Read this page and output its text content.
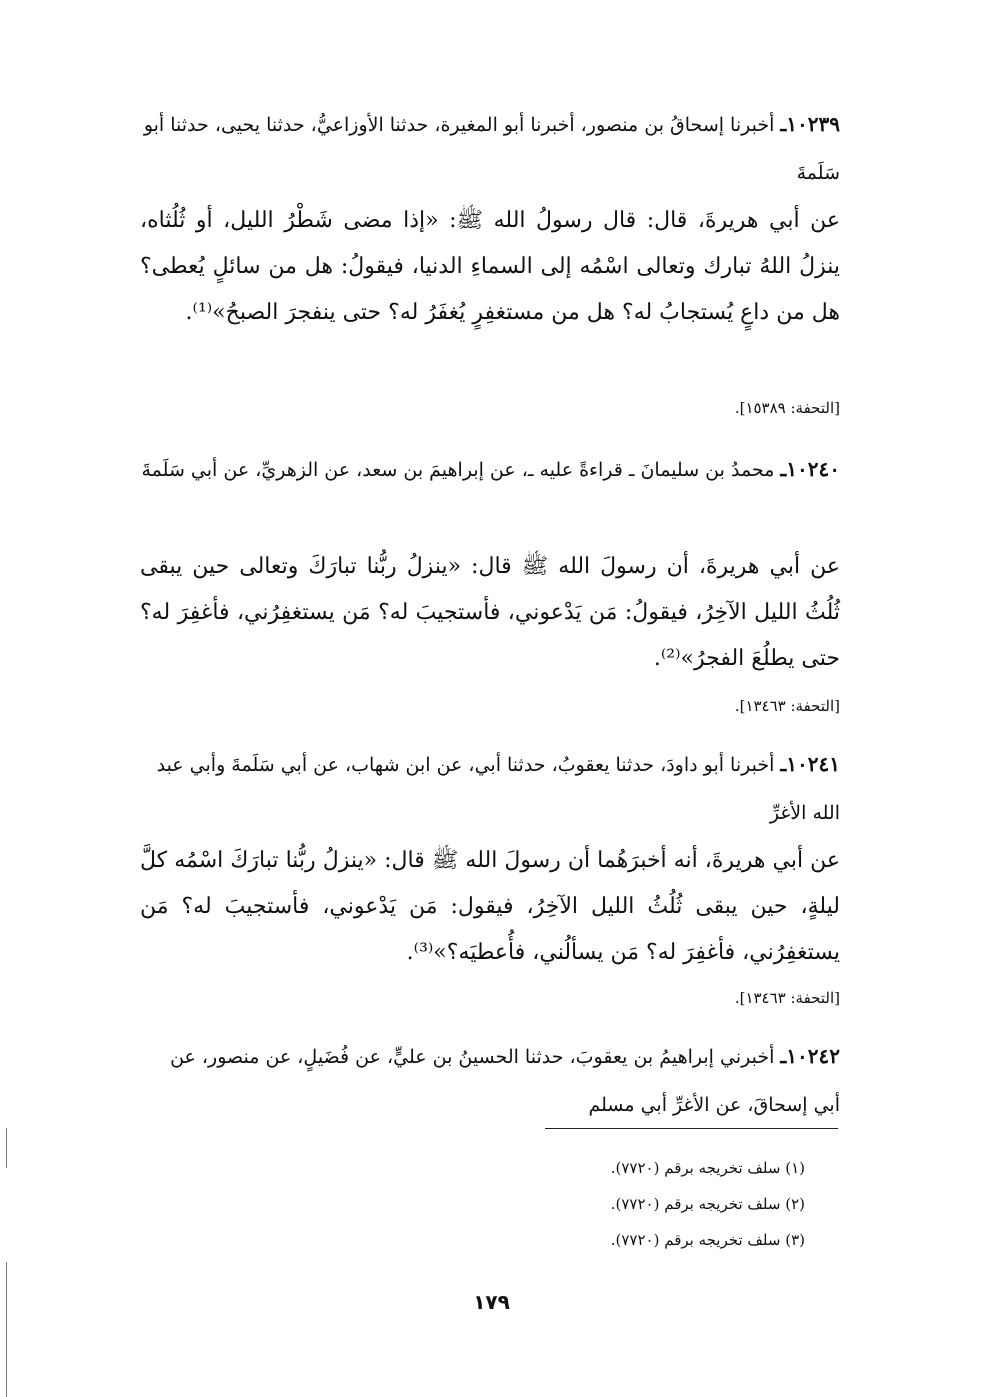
١٠٢٣٩ـ أخبرنا إسحاقُ بن منصور، أخبرنا أبو المغيرة، حدثنا الأوزاعيُّ، حدثنا يحيى، حدثنا أبو سَلَمةَ
عن أبي هريرةَ، قال: قال رسولُ الله ﷺ: «إذا مضى شَطْرُ الليل، أو ثُلُثاه، ينزلُ اللهُ تبارك وتعالى اسْمُه إلى السماءِ الدنيا، فيقولُ: هل من سائلٍ يُعطى؟ هل من داعٍ يُستجابُ له؟ هل من مستغفِرٍ يُغفَرُ له؟ حتى ينفجرَ الصبحُ»⁽¹⁾.
[التحفة: ١٥٣٨٩].
١٠٢٤٠ـ محمدُ بن سليمانَ ـ قراءةً عليه ـ، عن إبراهيمَ بن سعد، عن الزهريِّ، عن أبي سَلَمةَ
عن أبي هريرةَ، أن رسولَ الله ﷺ قال: «ينزلُ ربُّنا تبارَكَ وتعالى حين يبقى ثُلُثُ الليل الآخِرُ، فيقولُ: مَن يَدْعوني، فأستجيبَ له؟ مَن يستغفِرُني، فأغفِرَ له؟ حتى يطلُعَ الفجرُ»⁽²⁾.
[التحفة: ١٣٤٦٣].
١٠٢٤١ـ أخبرنا أبو داودَ، حدثنا يعقوبُ، حدثنا أبي، عن ابن شهاب، عن أبي سَلَمةَ وأبي عبد الله الأغرِّ
عن أبي هريرةَ، أنه أخبرَهُما أن رسولَ الله ﷺ قال: «ينزلُ ربُّنا تبارَكَ اسْمُه كلَّ ليلةٍ، حين يبقى ثُلُثُ الليل الآخِرُ، فيقول: مَن يَدْعوني، فأستجيبَ له؟ مَن يستغفِرُني، فأغفِرَ له؟ مَن يسألُني، فأُعطيَه؟»⁽³⁾.
[التحفة: ١٣٤٦٣].
١٠٢٤٢ـ أخبرني إبراهيمُ بن يعقوبَ، حدثنا الحسينُ بن عليٍّ، عن فُضَيلٍ، عن منصور، عن أبي إسحاقَ، عن الأغرِّ أبي مسلم
(١) سلف تخريجه برقم (٧٧٢٠).
(٢) سلف تخريجه برقم (٧٧٢٠).
(٣) سلف تخريجه برقم (٧٧٢٠).
١٧٩
